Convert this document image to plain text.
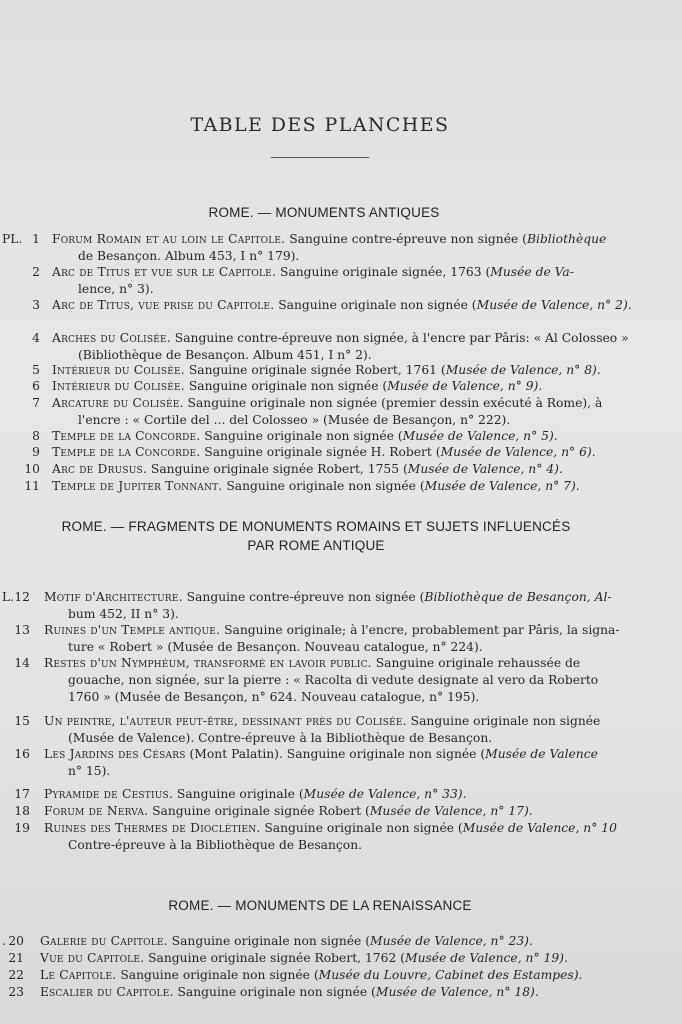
TABLE DES PLANCHES
ROME. — MONUMENTS ANTIQUES
PL. 1 Forum Romain et au loin le Capitole. Sanguine contre-épreuve non signée (Bibliothèque
de Besançon. Album 453, I n° 179).
2 Arc de Titus et vue sur le Capitole. Sanguine originale signée, 1763 (Musée de Va-
lence, n° 3).
3 Arc de Titus, vue prise du Capitole. Sanguine originale non signée (Musée de Valence, n° 2).
4 Arches du Colisée. Sanguine contre-épreuve non signée, à l'encre par Pâris: « Al Colosseo »
(Bibliothèque de Besançon. Album 451, I n° 2).
5 Intérieur du Colisée. Sanguine originale signée Robert, 1761 (Musée de Valence, n° 8).
6 Intérieur du Colisée. Sanguine originale non signée (Musée de Valence, n° 9).
7 Arcature du Colisée. Sanguine originale non signée (premier dessin exécuté à Rome), à
l'encre : « Cortile del ... del Colosseo » (Musée de Besançon, n° 222).
8 Temple de la Concorde. Sanguine originale non signée (Musée de Valence, n° 5).
9 Temple de la Concorde. Sanguine originale signée H. Robert (Musée de Valence, n° 6).
10 Arc de Drusus. Sanguine originale signée Robert, 1755 (Musée de Valence, n° 4).
11 Temple de Jupiter Tonnant. Sanguine originale non signée (Musée de Valence, n° 7).
ROME. — FRAGMENTS DE MONUMENTS ROMAINS ET SUJETS INFLUENCÉS
PAR ROME ANTIQUE
L. 12 Motif d'Architecture. Sanguine contre-épreuve non signée (Bibliothèque de Besançon, Al-
bum 452, II n° 3).
13 Ruines d'un Temple antique. Sanguine originale; à l'encre, probablement par Pâris, la signa-
ture « Robert » (Musée de Besançon. Nouveau catalogue, n° 224).
14 Restes d'un Nymphéum, transformé en lavoir public. Sanguine originale rehaussée de
gouache, non signée, sur la pierre : « Racolta di vedute designate al vero da Roberto
1760 » (Musée de Besançon, n° 624. Nouveau catalogue, n° 195).
15 Un peintre, l'auteur peut-être, dessinant près du Colisée. Sanguine originale non signée
(Musée de Valence). Contre-épreuve à la Bibliothèque de Besançon.
16 Les Jardins des Césars (Mont Palatin). Sanguine originale non signée (Musée de Valence
n° 15).
17 Pyramide de Cestius. Sanguine originale (Musée de Valence, n° 33).
18 Forum de Nerva. Sanguine originale signée Robert (Musée de Valence, n° 17).
19 Ruines des Thermes de Dioclétien. Sanguine originale non signée (Musée de Valence, n° 10
Contre-épreuve à la Bibliothèque de Besançon.
ROME. — MONUMENTS DE LA RENAISSANCE
. 20 Galerie du Capitole. Sanguine originale non signée (Musée de Valence, n° 23).
21 Vue du Capitole. Sanguine originale signée Robert, 1762 (Musée de Valence, n° 19).
22 Le Capitole. Sanguine originale non signée (Musée du Louvre, Cabinet des Estampes).
23 Escalier du Capitole. Sanguine originale non signée (Musée de Valence, n° 18).
